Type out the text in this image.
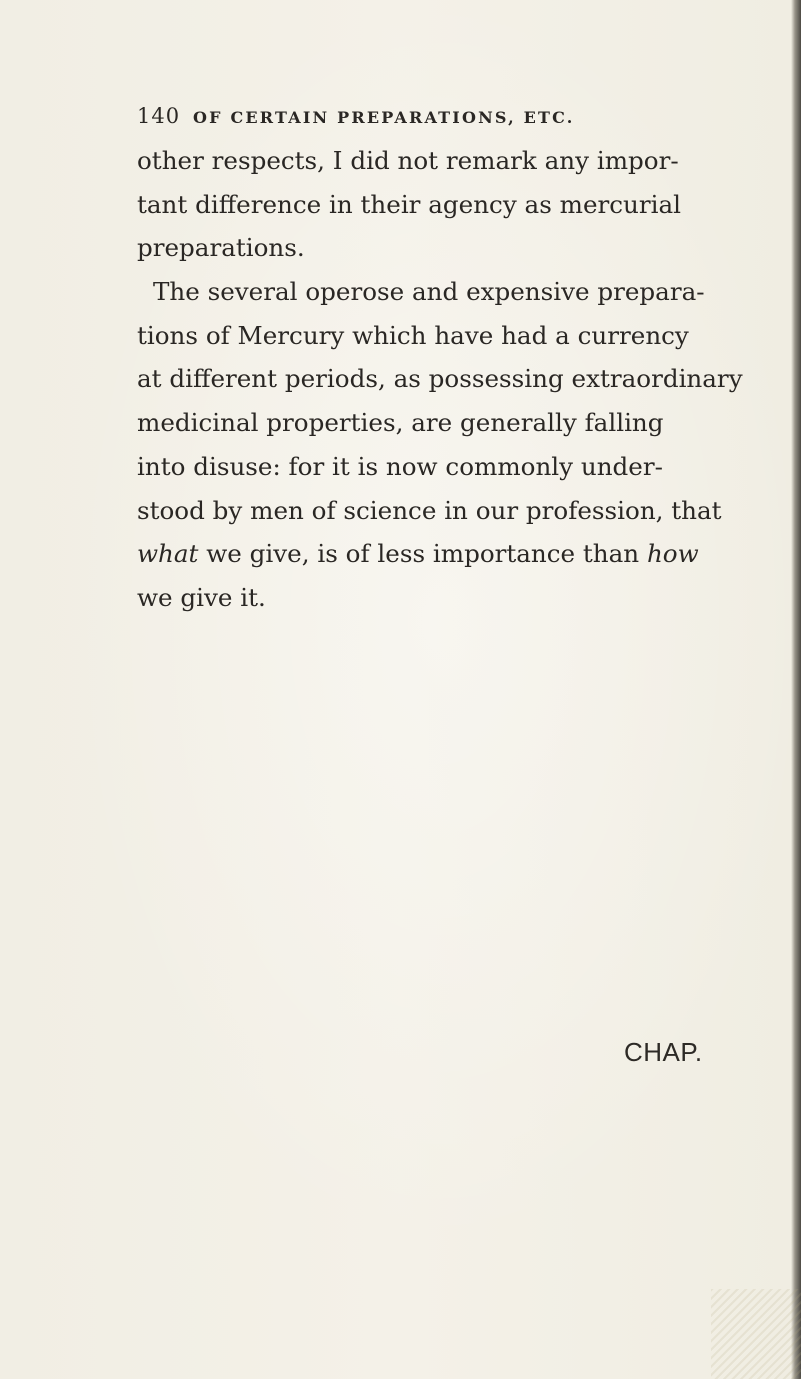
140 OF CERTAIN PREPARATIONS, ETC.
other respects, I did not remark any impor-
tant difference in their agency as mercurial
preparations.
The several operose and expensive prepara-
tions of Mercury which have had a currency
at different periods, as possessing extraordinary
medicinal properties, are generally falling
into disuse: for it is now commonly under-
stood by men of science in our profession, that
what we give, is of less importance than how
we give it.
CHAP.
